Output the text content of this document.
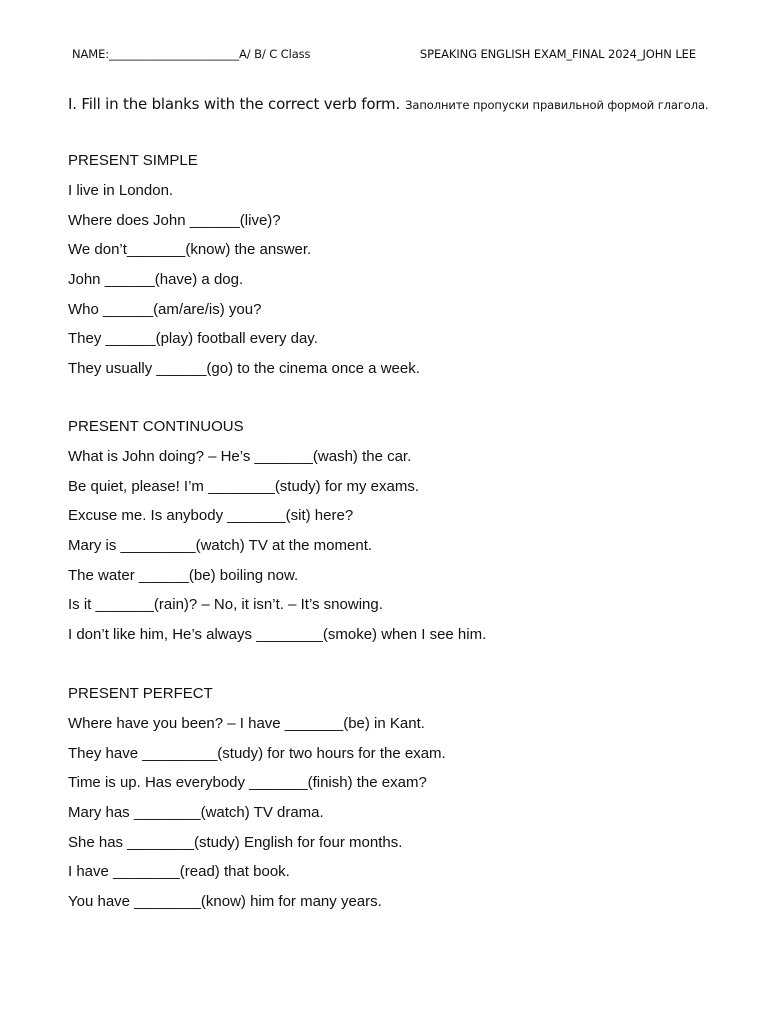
NAME:_______________________A/ B/ C Class	SPEAKING ENGLISH EXAM_FINAL 2024_JOHN LEE
I. Fill in the blanks with the correct verb form. Заполните пропуски правильной формой глагола.
PRESENT SIMPLE
I live in London.
Where does John ______(live)?
We don’t_______(know) the answer.
John ______(have) a dog.
Who ______(am/are/is) you?
They ______(play) football every day.
They usually ______(go) to the cinema once a week.
PRESENT CONTINUOUS
What is John doing? – He’s _______(wash) the car.
Be quiet, please! I’m ________(study) for my exams.
Excuse me. Is anybody _______(sit) here?
Mary is _________(watch) TV at the moment.
The water ______(be) boiling now.
Is it _______(rain)? – No, it isn’t. – It’s snowing.
I don’t like him, He’s always ________(smoke) when I see him.
PRESENT PERFECT
Where have you been? – I have _______(be) in Kant.
They have _________(study) for two hours for the exam.
Time is up. Has everybody _______(finish) the exam?
Mary has ________(watch) TV drama.
She has ________(study) English for four months.
I have ________(read) that book.
You have ________(know) him for many years.
